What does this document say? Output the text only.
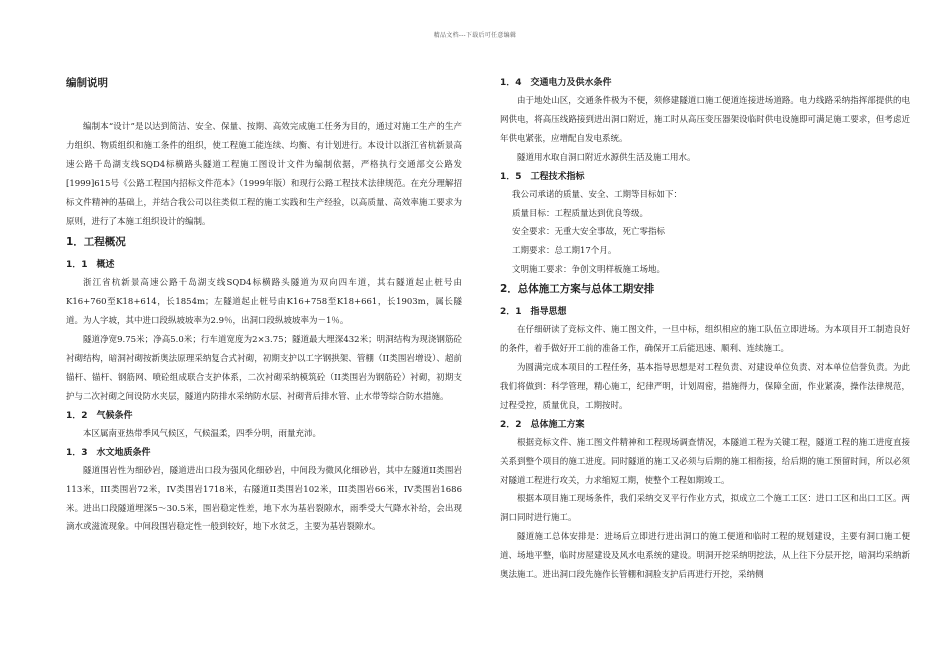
精品文档---下载后可任意编辑

编制说明

编制本“设计”是以达到简洁、安全、保量、按期、高效完成施工任务为目的，通过对施工生产的生产力组织、物质组织和施工条件的组织，使工程施工能连续、均衡、有计划进行。本设计以浙江省杭新景高速公路千岛湖支线SQD4标横路头隧道工程施工图设计文件为编制依据，严格执行交通部交公路发[1999]615号《公路工程国内招标文件范本》（1999年版）和现行公路工程技术法律规范。在充分理解招标文件精神的基础上，并结合我公司以往类似工程的施工实践和生产经验，以高质量、高效率施工要求为原则，进行了本施工组织设计的编制。

1．工程概况

1．1　概述

浙江省杭新景高速公路千岛湖支线SQD4标横路头隧道为双向四车道，其右隧道起止桩号由K16+760至K18+614，长1854m；左隧道起止桩号由K16+758至K18+661，长1903m，属长隧道。为人字坡，其中进口段纵坡坡率为2.9％，出洞口段纵坡坡率为－1％。

隧道净宽9.75米；净高5.0米；行车道宽度为2×3.75；隧道最大埋深432米；明洞结构为现浇钢筋砼衬砌结构，暗洞衬砌按新奥法原理采纳复合式衬砌，初期支护以工字钢拱架、管棚（II类围岩增设）、超前锚杆、锚杆、钢筋网、喷砼组成联合支护体系，二次衬砌采纳模筑砼（II类围岩为钢筋砼）衬砌，初期支护与二次衬砌之间设防水夹层，隧道内防排水采纳防水层、衬砌背后排水管、止水带等综合防水措施。

1．2　气候条件

本区属南亚热带季风气候区，气候温柔，四季分明，雨量充沛。

1．3　水文地质条件

隧道围岩性为细砂岩，隧道进出口段为强风化细砂岩，中间段为微风化细砂岩，其中左隧道II类围岩113米，III类围岩72米，IV类围岩1718米，右隧道II类围岩102米，III类围岩66米，IV类围岩1686米。进出口段隧道埋深5～30.5米，围岩稳定性差，地下水为基岩裂隙水，雨季受大气降水补给，会出现滴水或滋流现象。中间段围岩稳定性一般到较好，地下水贫乏，主要为基岩裂隙水。

1．4　交通电力及供水条件

由于地处山区，交通条件极为不便，须修建隧道口施工便道连接进场道路。电力线路采纳指挥部提供的电网供电，将高压线路接到进出洞口附近，施工时从高压变压器架设临时供电设施即可满足施工要求，但考虑近年供电紧张，应增配自发电系统。

隧道用水取自洞口附近水源供生活及施工用水。

1．5　工程技术指标

我公司承诺的质量、安全、工期等目标如下：

质量目标：工程质量达到优良等级。

安全要求：无重大安全事故，死亡零指标

工期要求：总工期17个月。

文明施工要求：争创文明样板施工场地。

2．总体施工方案与总体工期安排

2．1　指导思想

在仔细研读了竞标文件、施工图文件，一旦中标，组织相应的施工队伍立即进场。为本项目开工制造良好的条件，着手做好开工前的准备工作，确保开工后能迅速、顺利、连续施工。

为圆满完成本项目的工程任务，基本指导思想是对工程负责、对建设单位负责、对本单位信誉负责。为此我们将做到：科学管理，精心施工，纪律严明，计划周密，措施得力，保障全面，作业紧凑，操作法律规范，过程受控，质量优良，工期按时。

2．2　总体施工方案

根据竞标文件、施工图文件精神和工程现场调查情况，本隧道工程为关键工程，隧道工程的施工进度直接关系到整个项目的施工进度。同时隧道的施工又必须与后期的施工相衔接，给后期的施工预留时间，所以必须对隧道工程进行攻关，力求缩短工期，使整个工程如期竣工。

根据本项目施工现场条件，我们采纳交叉平行作业方式，拟成立二个施工工区：进口工区和出口工区。两洞口同时进行施工。

隧道施工总体安排是：进场后立即进行进出洞口的施工便道和临时工程的规划建设，主要有洞口施工便道、场地平整，临时房屋建设及风水电系统的建设。明洞开挖采纳明挖法，从上往下分层开挖，暗洞均采纳新奥法施工。进出洞口段先施作长管棚和洞脸支护后再进行开挖，采纳侧
